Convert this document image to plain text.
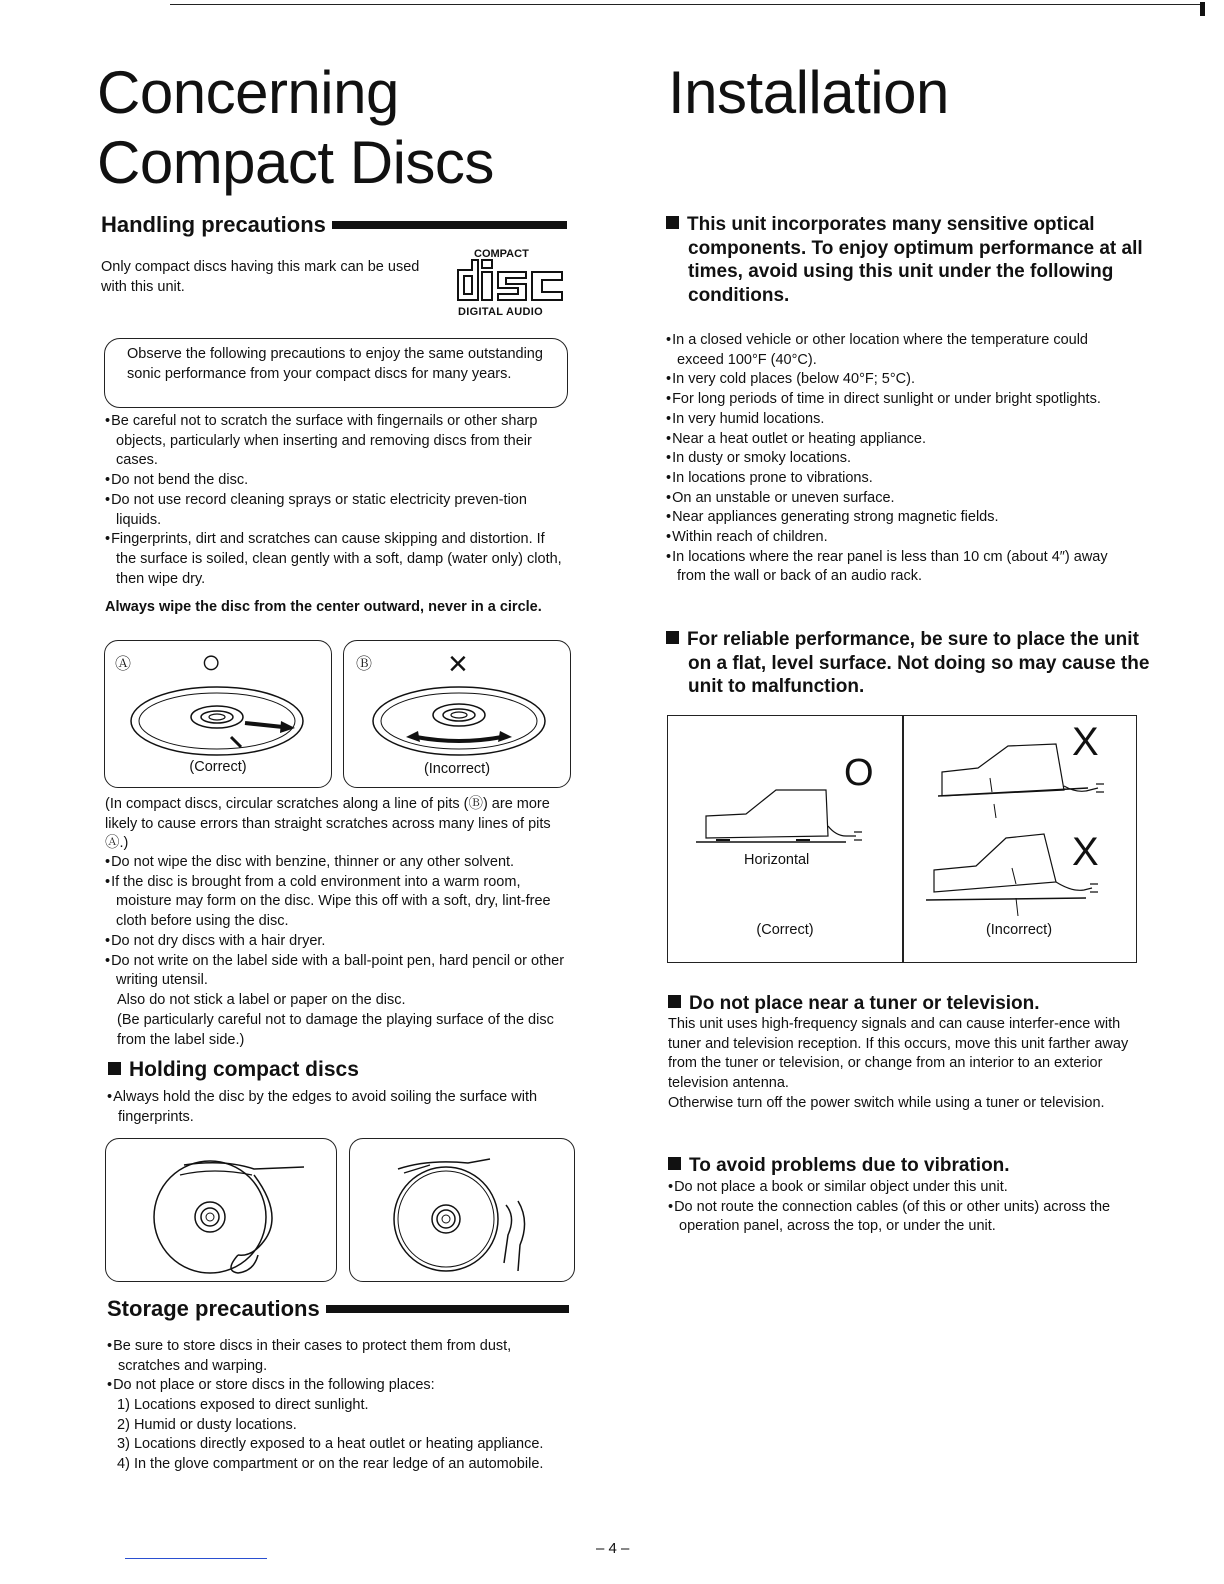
Concerning
Compact Discs
Handling precautions

Only compact discs having this mark can be used with this unit.

COMPACT
DIGITAL AUDIO

Observe the following precautions to enjoy the same outstanding sonic performance from your compact discs for many years.

• Be careful not to scratch the surface with fingernails or other sharp objects, particularly when inserting and removing discs from their cases.
• Do not bend the disc.
• Do not use record cleaning sprays or static electricity preven-tion liquids.
• Fingerprints, dirt and scratches can cause skipping and distortion. If the surface is soiled, clean gently with a soft, damp (water only) cloth, then wipe dry.

Always wipe the disc from the center outward, never in a circle.

Ⓐ ○
(Correct)
Ⓑ ×
(Incorrect)

(In compact discs, circular scratches along a line of pits (Ⓑ) are more likely to cause errors than straight scratches across many lines of pits Ⓐ.)

• Do not wipe the disc with benzine, thinner or any other solvent.
• If the disc is brought from a cold environment into a warm room, moisture may form on the disc. Wipe this off with a soft, dry, lint-free cloth before using the disc.
• Do not dry discs with a hair dryer.
• Do not write on the label side with a ball-point pen, hard pencil or other writing utensil.

Also do not stick a label or paper on the disc.

(Be particularly careful not to damage the playing surface of the disc from the label side.)

Holding compact discs
• Always hold the disc by the edges to avoid soiling the surface with fingerprints.
Storage precautions
• Be sure to store discs in their cases to protect them from dust, scratches and warping.
• Do not place or store discs in the following places:
1) Locations exposed to direct sunlight.
2) Humid or dusty locations.
3) Locations directly exposed to a heat outlet or heating appliance.
4) In the glove compartment or on the rear ledge of an automobile.
Installation
This unit incorporates many sensitive optical components. To enjoy optimum performance at all times, avoid using this unit under the following conditions.
• In a closed vehicle or other location where the temperature could exceed 100°F (40°C).
• In very cold places (below 40°F; 5°C).
• For long periods of time in direct sunlight or under bright spotlights.
• In very humid locations.
• Near a heat outlet or heating appliance.
• In dusty or smoky locations.
• In locations prone to vibrations.
• On an unstable or uneven surface.
• Near appliances generating strong magnetic fields.
• Within reach of children.
• In locations where the rear panel is less than 10 cm (about 4″) away from the wall or back of an audio rack.
For reliable performance, be sure to place the unit on a flat, level surface. Not doing so may cause the unit to malfunction.
O
Horizontal
(Correct)
X
X
(Incorrect)
Do not place near a tuner or television.

This unit uses high-frequency signals and can cause interfer-ence with tuner and television reception. If this occurs, move this unit farther away from the tuner or television, or change from an interior to an exterior television antenna.

Otherwise turn off the power switch while using a tuner or television.

To avoid problems due to vibration.
• Do not place a book or similar object under this unit.
• Do not route the connection cables (of this or other units) across the operation panel, across the top, or under the unit.
– 4 –
